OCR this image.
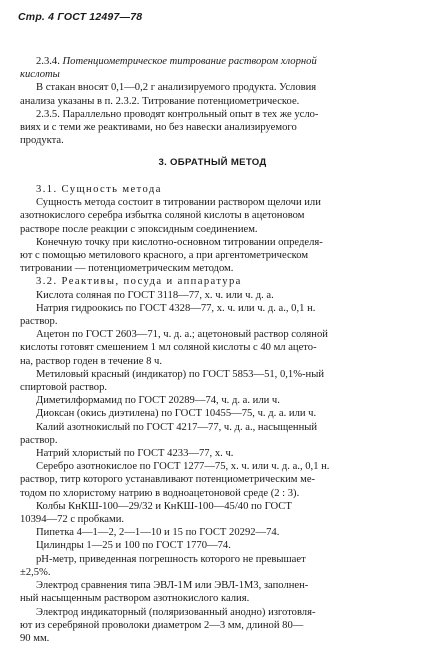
Стр. 4 ГОСТ 12497—78

2.3.4. Потенциометрическое титрование раствором хлорной

кислоты

В стакан вносят 0,1—0,2 г анализируемого продукта. Условия

анализа указаны в п. 2.3.2. Титрование потенциометрическое.

2.3.5. Параллельно проводят контрольный опыт в тех же усло-

виях и с теми же реактивами, но без навески анализируемого

продукта.

3. ОБРАТНЫЙ МЕТОД

3.1. Сущность метода

Сущность метода состоит в титровании раствором щелочи или

азотнокислого серебра избытка соляной кислоты в ацетоновом

растворе после реакции с эпоксидным соединением.

Конечную точку при кислотно-основном титровании определя-

ют с помощью метилового красного, а при аргентометрическом

титровании — потенциометрическим методом.

3.2. Реактивы, посуда и аппаратура

Кислота соляная по ГОСТ 3118—77, х. ч. или ч. д. а.

Натрия гидроокись по ГОСТ 4328—77, х. ч. или ч. д. а., 0,1 н.

раствор.

Ацетон по ГОСТ 2603—71, ч. д. а.; ацетоновый раствор соляной

кислоты готовят смешением 1 мл соляной кислоты с 40 мл ацето-

на, раствор годен в течение 8 ч.

Метиловый красный (индикатор) по ГОСТ 5853—51, 0,1%-ный

спиртовой раствор.

Диметилформамид по ГОСТ 20289—74, ч. д. а. или ч.

Диоксан (окись диэтилена) по ГОСТ 10455—75, ч. д. а. или ч.

Калий азотнокислый по ГОСТ 4217—77, ч. д. а., насыщенный

раствор.

Натрий хлористый по ГОСТ 4233—77, х. ч.

Серебро азотнокислое по ГОСТ 1277—75, х. ч. или ч. д. а., 0,1 н.

раствор, титр которого устанавливают потенциометрическим ме-

тодом по хлористому натрию в водноацетоновой среде (2 : 3).

Колбы КнКШ-100—29/32 и КнКШ-100—45/40 по ГОСТ

10394—72 с пробками.

Пипетка 4—1—2, 2—1—10 и 15 по ГОСТ 20292—74.

Цилиндры 1—25 и 100 по ГОСТ 1770—74.

pH-метр, приведенная погрешность которого не превышает

±2,5%.

Электрод сравнения типа ЭВЛ-1М или ЭВЛ-1М3, заполнен-

ный насыщенным раствором азотнокислого калия.

Электрод индикаторный (поляризованный анодно) изготовля-

ют из серебряной проволоки диаметром 2—3 мм, длиной 80—

90 мм.
